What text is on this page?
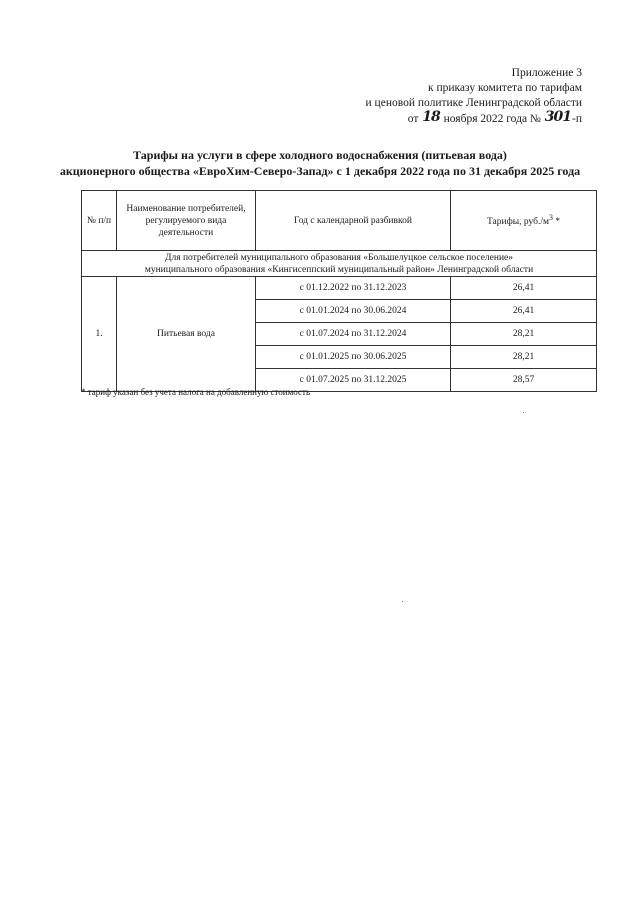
Приложение 3
к приказу комитета по тарифам
и ценовой политике Ленинградской области
от 18 ноября 2022 года № 301-п
Тарифы на услуги в сфере холодного водоснабжения (питьевая вода)
акционерного общества «ЕвроХим-Северо-Запад» с 1 декабря 2022 года по 31 декабря 2025 года
№ п/п	Наименование потребителей, регулируемого вида деятельности	Год с календарной разбивкой	Тарифы, $руб./м^3$ *

Для потребителей муниципального образования «Большелуцкое сельское поселение»
муниципального образования «Кингисеппский муниципальный район» Ленинградской области			

1.	Питьевая вода	с 01.12.2022 по 31.12.2023	26,41
		с 01.01.2024 по 30.06.2024	26,41
		с 01.07.2024 по 31.12.2024	28,21
		с 01.01.2025 по 30.06.2025	28,21
		с 01.07.2025 по 31.12.2025	28,57
* тариф указан без учета налога на добавленную стоимость
